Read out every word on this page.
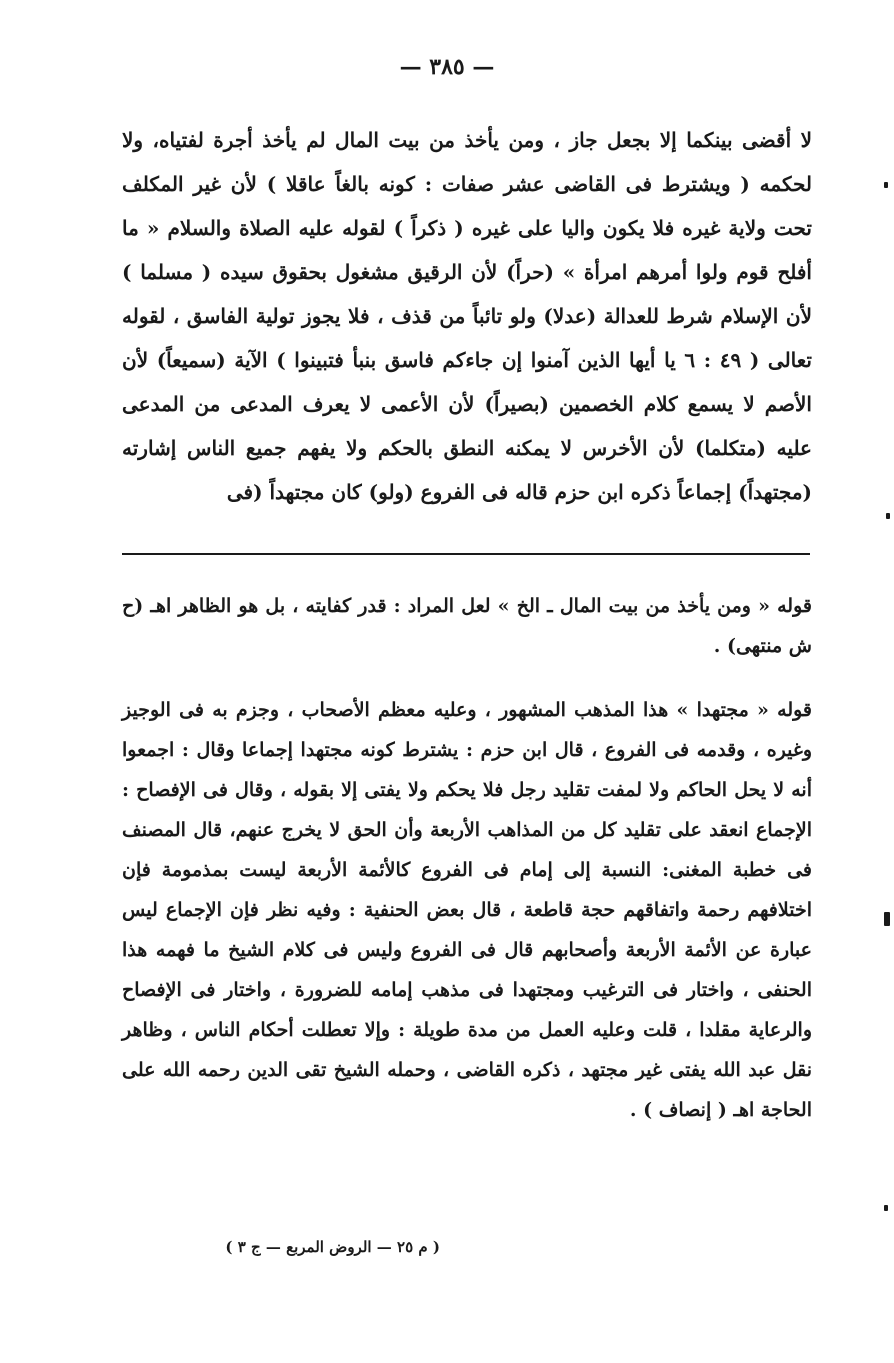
— ٣٨٥ —

لا أقضى بينكما إلا بجعل جاز ، ومن يأخذ من بيت المال لم يأخذ أجرة لفتياه، ولا لحكمه ( ويشترط فى القاضى عشر صفات : كونه بالغاً عاقلا ) لأن غير المكلف تحت ولاية غيره فلا يكون واليا على غيره ( ذكراً ) لقوله عليه الصلاة والسلام « ما أفلح قوم ولوا أمرهم امرأة » (حراً) لأن الرقيق مشغول بحقوق سيده ( مسلما ) لأن الإسلام شرط للعدالة (عدلا) ولو تائباً من قذف ، فلا يجوز تولية الفاسق ، لقوله تعالى ( ٤٩ : ٦ يا أيها الذين آمنوا إن جاءكم فاسق بنبأ فتبينوا ) الآية (سميعاً) لأن الأصم لا يسمع كلام الخصمين (بصيراً) لأن الأعمى لا يعرف المدعى من المدعى عليه (متكلما) لأن الأخرس لا يمكنه النطق بالحكم ولا يفهم جميع الناس إشارته (مجتهداً) إجماعاً ذكره ابن حزم قاله فى الفروع (ولو) كان مجتهداً (فى

قوله « ومن يأخذ من بيت المال ـ الخ » لعل المراد : قدر كفايته ، بل هو الظاهر اهـ (ح ش منتهى) .

قوله « مجتهدا » هذا المذهب المشهور ، وعليه معظم الأصحاب ، وجزم به فى الوجيز وغيره ، وقدمه فى الفروع ، قال ابن حزم : يشترط كونه مجتهدا إجماعا وقال : اجمعوا أنه لا يحل الحاكم ولا لمفت تقليد رجل فلا يحكم ولا يفتى إلا بقوله ، وقال فى الإفصاح : الإجماع انعقد على تقليد كل من المذاهب الأربعة وأن الحق لا يخرج عنهم، قال المصنف فى خطبة المغنى: النسبة إلى إمام فى الفروع كالأئمة الأربعة ليست بمذمومة فإن اختلافهم رحمة واتفاقهم حجة قاطعة ، قال بعض الحنفية : وفيه نظر فإن الإجماع ليس عبارة عن الأئمة الأربعة وأصحابهم قال فى الفروع وليس فى كلام الشيخ ما فهمه هذا الحنفى ، واختار فى الترغيب ومجتهدا فى مذهب إمامه للضرورة ، واختار فى الإفصاح والرعاية مقلدا ، قلت وعليه العمل من مدة طويلة : وإلا تعطلت أحكام الناس ، وظاهر نقل عبد الله يفتى غير مجتهد ، ذكره القاضى ، وحمله الشيخ تقى الدين رحمه الله على الحاجة اهـ ( إنصاف ) .

( م ٢٥ — الروض المربع — ج ٣ )
